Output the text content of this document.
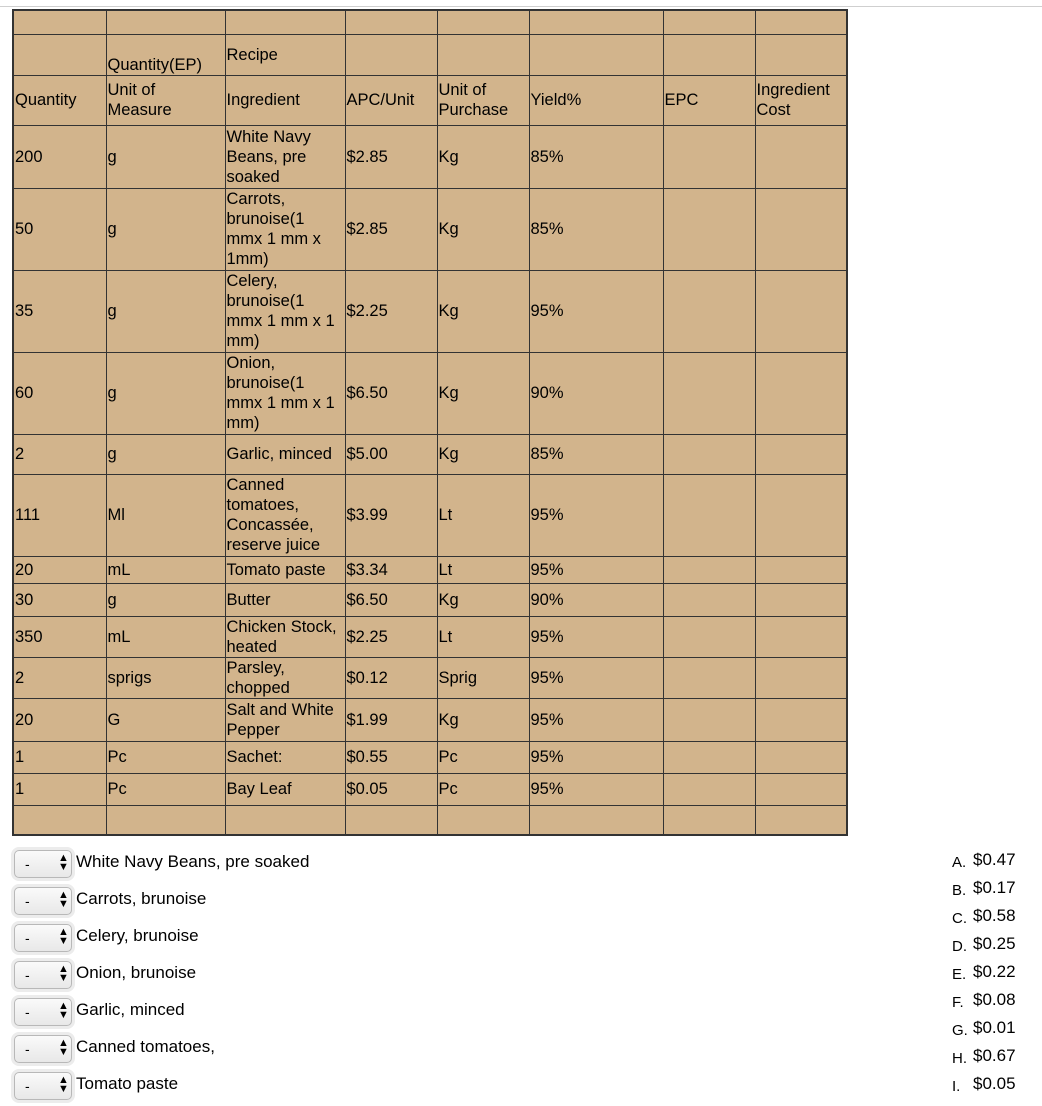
	Quantity(EP)	Recipe					
Quantity	Unit of Measure	Ingredient	APC/Unit	Unit of Purchase	Yield%	EPC	Ingredient Cost
200	g	White Navy Beans, pre soaked	$2.85	Kg	85%		
50	g	Carrots, brunoise(1 mmx 1 mm x 1mm)	$2.85	Kg	85%		
35	g	Celery, brunoise(1 mmx 1 mm x 1 mm)	$2.25	Kg	95%		
60	g	Onion, brunoise(1 mmx 1 mm x 1 mm)	$6.50	Kg	90%		
2	g	Garlic, minced	$5.00	Kg	85%		
111	Ml	Canned tomatoes, Concassée, reserve juice	$3.99	Lt	95%		
20	mL	Tomato paste	$3.34	Lt	95%		
30	g	Butter	$6.50	Kg	90%		
350	mL	Chicken Stock, heated	$2.25	Lt	95%		
2	sprigs	Parsley, chopped	$0.12	Sprig	95%		
20	G	Salt and White Pepper	$1.99	Kg	95%		
1	Pc	Sachet:	$0.55	Pc	95%		
1	Pc	Bay Leaf	$0.05	Pc	95%		

-	▲
▼ White Navy Beans, pre soaked
-	▲
▼ Carrots, brunoise
-	▲
▼ Celery, brunoise
-	▲
▼ Onion, brunoise
-	▲
▼ Garlic, minced
-	▲
▼ Canned tomatoes,
-	▲
▼ Tomato paste
A. $0.47
B. $0.17
C. $0.58
D. $0.25
E. $0.22
F. $0.08
G. $0.01
H. $0.67
I. $0.05
